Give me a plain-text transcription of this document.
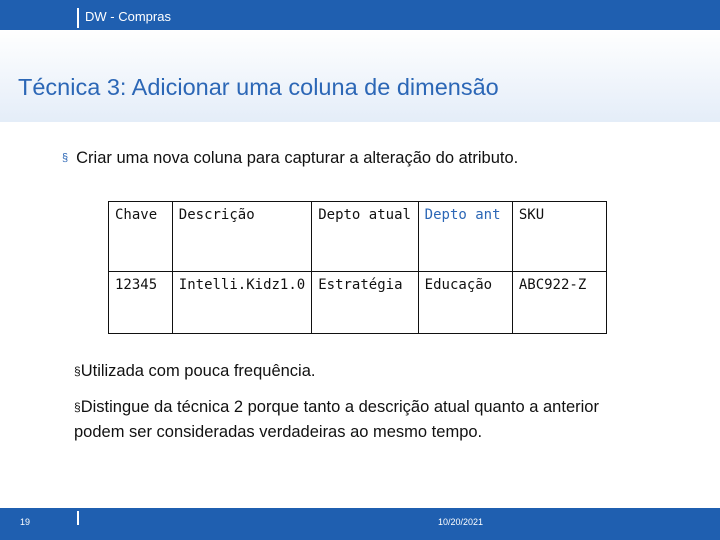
DW - Compras
Técnica 3: Adicionar uma coluna de dimensão
§ Criar uma nova coluna para capturar a alteração do atributo.
Chave	Descrição	Depto atual	Depto ant	SKU
12345	Intelli.Kidz1.0	Estratégia	Educação	ABC922-Z
§Utilizada com pouca frequência.
§Distingue da técnica 2 porque tanto a descrição atual quanto a anterior podem ser consideradas verdadeiras ao mesmo tempo.
19	10/20/2021
